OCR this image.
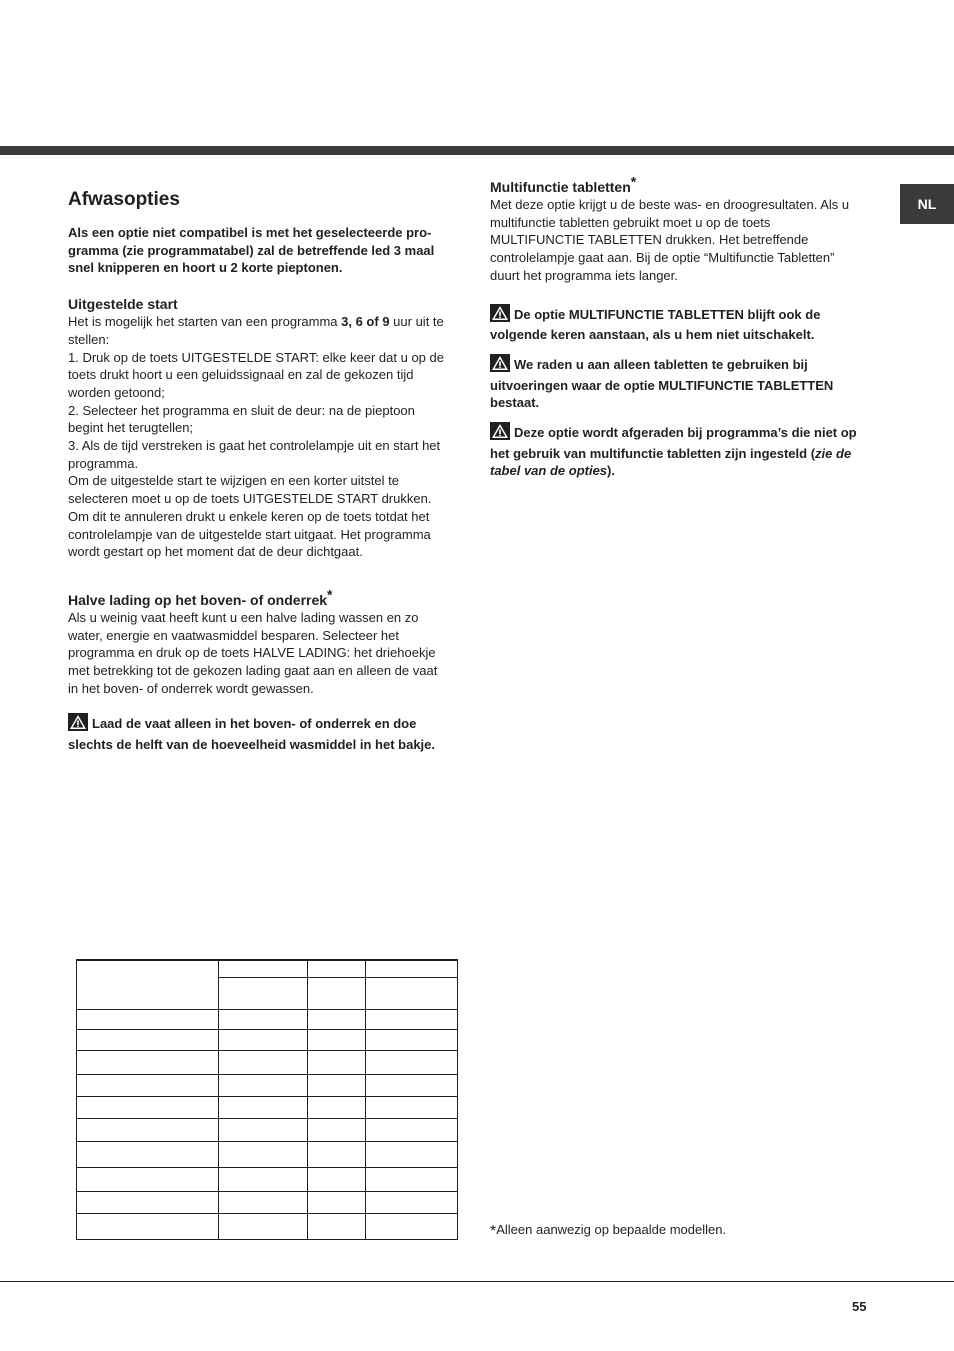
NL
Afwasopties

Als een optie niet compatibel is met het geselecteerde pro-gramma (zie programmatabel) zal de betreffende led 3 maal snel knipperen en hoort u 2 korte pieptonen.

Uitgestelde start

Het is mogelijk het starten van een programma 3, 6 of 9 uur uit te stellen:

1. Druk op de toets UITGESTELDE START: elke keer dat u op de toets drukt hoort u een geluidssignaal en zal de gekozen tijd worden getoond;

2. Selecteer het programma en sluit de deur: na de pieptoon begint het terugtellen;

3. Als de tijd verstreken is gaat het controlelampje uit en start het programma.

Om de uitgestelde start te wijzigen en een korter uitstel te selecteren moet u op de toets UITGESTELDE START drukken.

Om dit te annuleren drukt u enkele keren op de toets totdat het controlelampje van de uitgestelde start uitgaat. Het programma wordt gestart op het moment dat de deur dichtgaat.

Halve lading op het boven- of onderrek*

Als u weinig vaat heeft kunt u een halve lading wassen en zo water, energie en vaatwasmiddel besparen. Selecteer het programma en druk op de toets HALVE LADING: het driehoekje met betrekking tot de gekozen lading gaat aan en alleen de vaat in het boven- of onderrek wordt gewassen.

Laad de vaat alleen in het boven- of onderrek en doe slechts de helft van de hoeveelheid wasmiddel in het bakje.

Multifunctie tabletten*

Met deze optie krijgt u de beste was- en droogresultaten. Als u multifunctie tabletten gebruikt moet u op de toets MULTIFUNCTIE TABLETTEN drukken. Het betreffende controlelampje gaat aan. Bij de optie “Multifunctie Tabletten” duurt het programma iets langer.

De optie MULTIFUNCTIE TABLETTEN blijft ook de volgende keren aanstaan, als u hem niet uitschakelt.

We raden u aan alleen tabletten te gebruiken bij uitvoeringen waar de optie MULTIFUNCTIE TABLETTEN bestaat.

Deze optie wordt afgeraden bij programma’s die niet op het gebruik van multifunctie tabletten zijn ingesteld (zie de tabel van de opties).

*Alleen aanwezig op bepaalde modellen.
55
